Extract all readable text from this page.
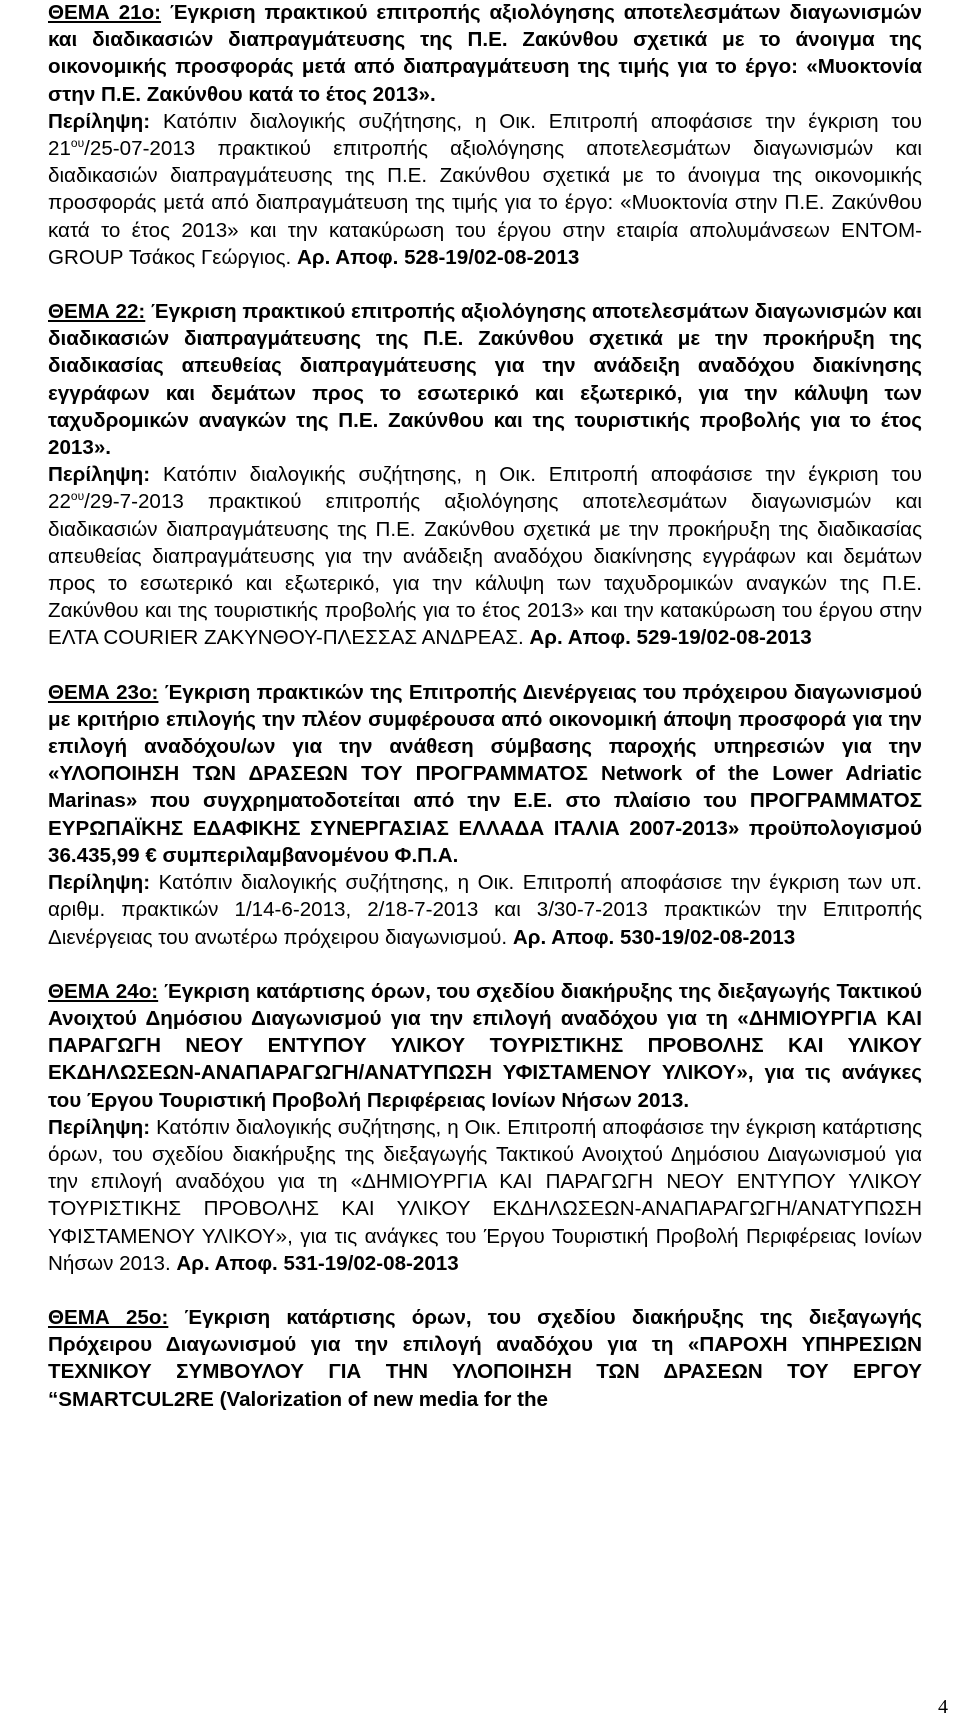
ΘΕΜΑ 21ο: Έγκριση πρακτικού επιτροπής αξιολόγησης αποτελεσμάτων διαγωνισμών και διαδικασιών διαπραγμάτευσης της Π.Ε. Ζακύνθου σχετικά με το άνοιγμα της οικονομικής προσφοράς μετά από διαπραγμάτευση της τιμής για το έργο: «Μυοκτονία στην Π.Ε. Ζακύνθου κατά το έτος 2013».
Περίληψη: Κατόπιν διαλογικής συζήτησης, η Οικ. Επιτροπή αποφάσισε την έγκριση του $21^{o\upsilon}/25-07-2013$ πρακτικού επιτροπής αξιολόγησης αποτελεσμάτων διαγωνισμών και διαδικασιών διαπραγμάτευσης της Π.Ε. Ζακύνθου σχετικά με το άνοιγμα της οικονομικής προσφοράς μετά από διαπραγμάτευση της τιμής για το έργο: «Μυοκτονία στην Π.Ε. Ζακύνθου κατά το έτος 2013» και την κατακύρωση του έργου στην εταιρία απολυμάνσεων ΕΝΤΟΜ-GROUP Τσάκος Γεώργιος. Αρ. Αποφ. 528-19/02-08-2013

ΘΕΜΑ 22: Έγκριση πρακτικού επιτροπής αξιολόγησης αποτελεσμάτων διαγωνισμών και διαδικασιών διαπραγμάτευσης της Π.Ε. Ζακύνθου σχετικά με την προκήρυξη της διαδικασίας απευθείας διαπραγμάτευσης για την ανάδειξη αναδόχου διακίνησης εγγράφων και δεμάτων προς το εσωτερικό και εξωτερικό, για την κάλυψη των ταχυδρομικών αναγκών της Π.Ε. Ζακύνθου και της τουριστικής προβολής για το έτος 2013».
Περίληψη: Κατόπιν διαλογικής συζήτησης, η Οικ. Επιτροπή αποφάσισε την έγκριση του $22^{o\upsilon}/29-7-2013$ πρακτικού επιτροπής αξιολόγησης αποτελεσμάτων διαγωνισμών και διαδικασιών διαπραγμάτευσης της Π.Ε. Ζακύνθου σχετικά με την προκήρυξη της διαδικασίας απευθείας διαπραγμάτευσης για την ανάδειξη αναδόχου διακίνησης εγγράφων και δεμάτων προς το εσωτερικό και εξωτερικό, για την κάλυψη των ταχυδρομικών αναγκών της Π.Ε. Ζακύνθου και της τουριστικής προβολής για το έτος 2013» και την κατακύρωση του έργου στην ΕΛΤΑ COURIER ΖΑΚΥΝΘΟΥ-ΠΛΕΣΣΑΣ ΑΝΔΡΕΑΣ. Αρ. Αποφ. 529-19/02-08-2013

ΘΕΜΑ 23ο: Έγκριση πρακτικών της Επιτροπής Διενέργειας του πρόχειρου διαγωνισμού με κριτήριο επιλογής την πλέον συμφέρουσα από οικονομική άποψη προσφορά για την επιλογή αναδόχου/ων για την ανάθεση σύμβασης παροχής υπηρεσιών για την «ΥΛΟΠΟΙΗΣΗ ΤΩΝ ΔΡΑΣΕΩΝ ΤΟΥ ΠΡΟΓΡΑΜΜΑΤΟΣ Network of the Lower Adriatic Marinas» που συγχρηματοδοτείται από την Ε.Ε. στο πλαίσιο του ΠΡΟΓΡΑΜΜΑΤΟΣ ΕΥΡΩΠΑΪΚΗΣ ΕΔΑΦΙΚΗΣ ΣΥΝΕΡΓΑΣΙΑΣ ΕΛΛΑΔΑ ΙΤΑΛΙΑ 2007-2013» προϋπολογισμού 36.435,99 € συμπεριλαμβανομένου Φ.Π.Α.
Περίληψη: Κατόπιν διαλογικής συζήτησης, η Οικ. Επιτροπή αποφάσισε την έγκριση των υπ. αριθμ. πρακτικών 1/14-6-2013, 2/18-7-2013 και 3/30-7-2013 πρακτικών την Επιτροπής Διενέργειας του ανωτέρω πρόχειρου διαγωνισμού. Αρ. Αποφ. 530-19/02-08-2013

ΘΕΜΑ 24ο: Έγκριση κατάρτισης όρων, του σχεδίου διακήρυξης της διεξαγωγής Τακτικού Ανοιχτού Δημόσιου Διαγωνισμού για την επιλογή αναδόχου για τη «ΔΗΜΙΟΥΡΓΙΑ ΚΑΙ ΠΑΡΑΓΩΓΗ ΝΕΟΥ ΕΝΤΥΠΟΥ ΥΛΙΚΟΥ ΤΟΥΡΙΣΤΙΚΗΣ ΠΡΟΒΟΛΗΣ ΚΑΙ ΥΛΙΚΟΥ ΕΚΔΗΛΩΣΕΩΝ-ΑΝΑΠΑΡΑΓΩΓΗ/ΑΝΑΤΥΠΩΣΗ ΥΦΙΣΤΑΜΕΝΟΥ ΥΛΙΚΟΥ», για τις ανάγκες του Έργου Τουριστική Προβολή Περιφέρειας Ιονίων Νήσων 2013.
Περίληψη: Κατόπιν διαλογικής συζήτησης, η Οικ. Επιτροπή αποφάσισε την έγκριση κατάρτισης όρων, του σχεδίου διακήρυξης της διεξαγωγής Τακτικού Ανοιχτού Δημόσιου Διαγωνισμού για την επιλογή αναδόχου για τη «ΔΗΜΙΟΥΡΓΙΑ ΚΑΙ ΠΑΡΑΓΩΓΗ ΝΕΟΥ ΕΝΤΥΠΟΥ ΥΛΙΚΟΥ ΤΟΥΡΙΣΤΙΚΗΣ ΠΡΟΒΟΛΗΣ ΚΑΙ ΥΛΙΚΟΥ ΕΚΔΗΛΩΣΕΩΝ-ΑΝΑΠΑΡΑΓΩΓΗ/ΑΝΑΤΥΠΩΣΗ ΥΦΙΣΤΑΜΕΝΟΥ ΥΛΙΚΟΥ», για τις ανάγκες του Έργου Τουριστική Προβολή Περιφέρειας Ιονίων Νήσων 2013. Αρ. Αποφ. 531-19/02-08-2013

ΘΕΜΑ 25ο: Έγκριση κατάρτισης όρων, του σχεδίου διακήρυξης της διεξαγωγής Πρόχειρου Διαγωνισμού για την επιλογή αναδόχου για τη «ΠΑΡΟΧΗ ΥΠΗΡΕΣΙΩΝ ΤΕΧΝΙΚΟΥ ΣΥΜΒΟΥΛΟΥ ΓΙΑ ΤΗΝ ΥΛΟΠΟΙΗΣΗ ΤΩΝ ΔΡΑΣΕΩΝ ΤΟΥ ΕΡΓΟΥ “SMARTCUL2RE (Valorization of new media for the

4
